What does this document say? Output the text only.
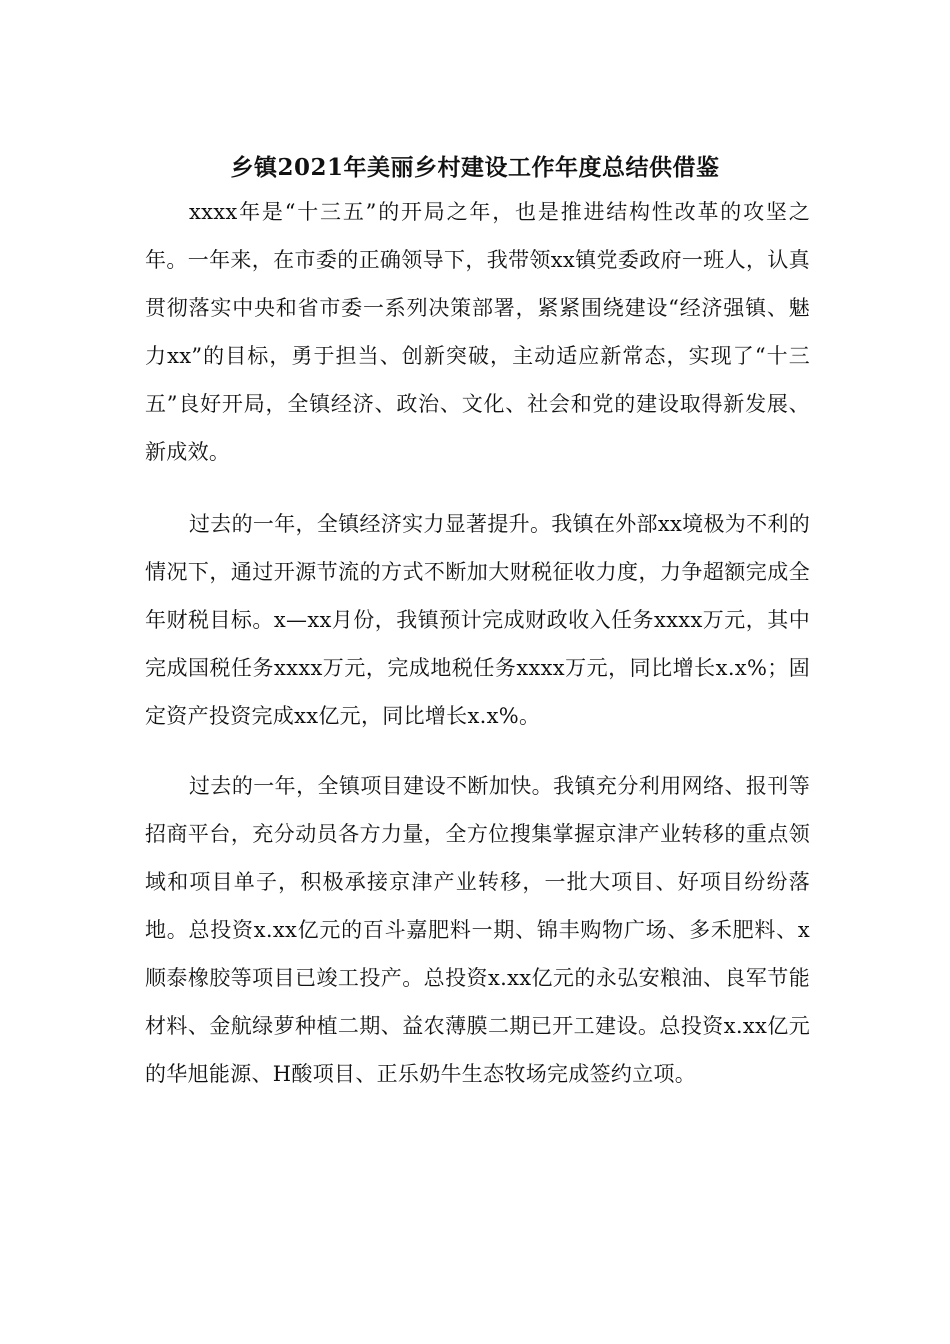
乡镇2021年美丽乡村建设工作年度总结供借鉴

xxxx年是“十三五”的开局之年，也是推进结构性改革的攻坚之年。一年来，在市委的正确领导下，我带领xx镇党委政府一班人，认真贯彻落实中央和省市委一系列决策部署，紧紧围绕建设“经济强镇、魅力xx”的目标，勇于担当、创新突破，主动适应新常态，实现了“十三五”良好开局，全镇经济、政治、文化、社会和党的建设取得新发展、新成效。

过去的一年，全镇经济实力显著提升。我镇在外部xx境极为不利的情况下，通过开源节流的方式不断加大财税征收力度，力争超额完成全年财税目标。x—xx月份，我镇预计完成财政收入任务xxxx万元，其中完成国税任务xxxx万元，完成地税任务xxxx万元，同比增长x.x%；固定资产投资完成xx亿元，同比增长x.x%。

过去的一年，全镇项目建设不断加快。我镇充分利用网络、报刊等招商平台，充分动员各方力量，全方位搜集掌握京津产业转移的重点领域和项目单子，积极承接京津产业转移，一批大项目、好项目纷纷落地。总投资x.xx亿元的百斗嘉肥料一期、锦丰购物广场、多禾肥料、x顺泰橡胶等项目已竣工投产。总投资x.xx亿元的永弘安粮油、良军节能材料、金航绿萝种植二期、益农薄膜二期已开工建设。总投资x.xx亿元的华旭能源、H酸项目、正乐奶牛生态牧场完成签约立项。
